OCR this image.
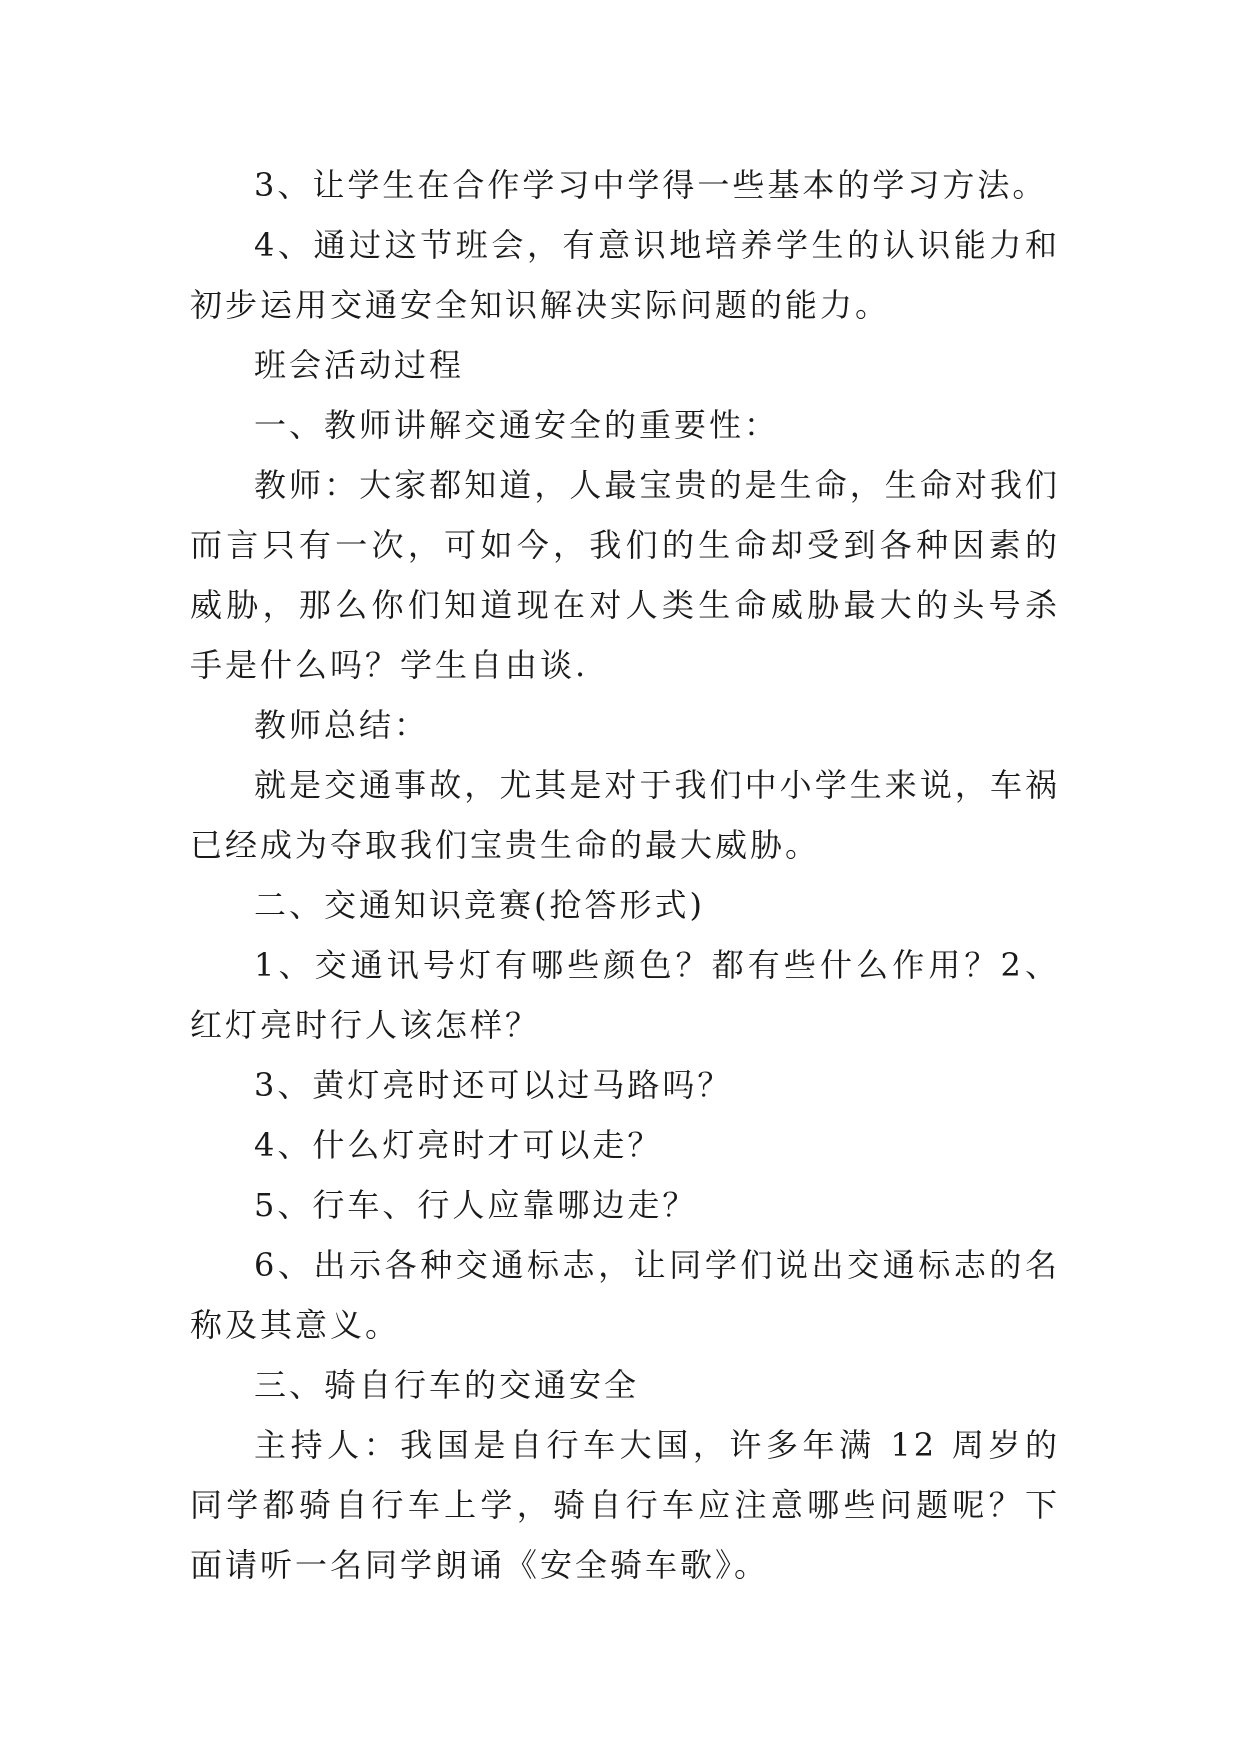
3、让学生在合作学习中学得一些基本的学习方法。

4、通过这节班会，有意识地培养学生的认识能力和初步运用交通安全知识解决实际问题的能力。

班会活动过程

一、教师讲解交通安全的重要性：

教师：大家都知道，人最宝贵的是生命，生命对我们而言只有一次，可如今，我们的生命却受到各种因素的威胁，那么你们知道现在对人类生命威胁最大的头号杀手是什么吗？学生自由谈.

教师总结：

就是交通事故，尤其是对于我们中小学生来说，车祸已经成为夺取我们宝贵生命的最大威胁。

二、交通知识竞赛(抢答形式)

1、交通讯号灯有哪些颜色？都有些什么作用？2、红灯亮时行人该怎样？

3、黄灯亮时还可以过马路吗？

4、什么灯亮时才可以走？

5、行车、行人应靠哪边走？

6、出示各种交通标志，让同学们说出交通标志的名称及其意义。

三、骑自行车的交通安全

主持人：我国是自行车大国，许多年满 12 周岁的同学都骑自行车上学，骑自行车应注意哪些问题呢？下面请听一名同学朗诵《安全骑车歌》。
